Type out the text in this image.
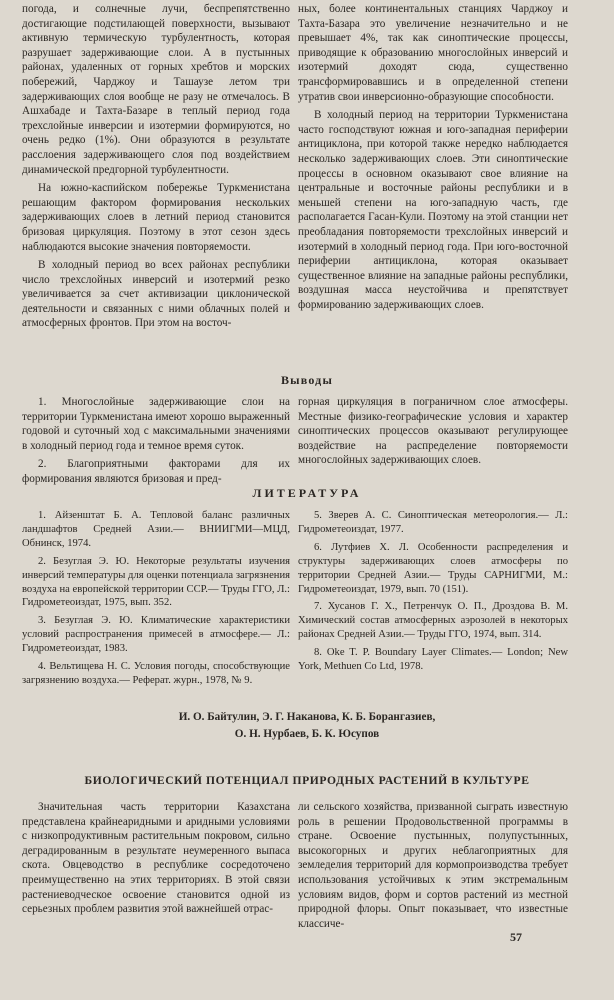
погода, и солнечные лучи, беспрепятственно достигающие подстилающей поверхности, вызывают активную термическую турбулентность, которая разрушает задерживающие слои. А в пустынных районах, удаленных от горных хребтов и морских побережий, Чарджоу и Ташаузе летом три задерживающих слоя вообще не разу не отмечалось. В Ашхабаде и Тахта-Базаре в теплый период года трехслойные инверсии и изотермии формируются, но очень редко (1%). Они образуются в результате расслоения задерживающего слоя под воздействием динамической предгорной турбулентности.

На южно-каспийском побережье Туркменистана решающим фактором формирования нескольких задерживающих слоев в летний период становится бризовая циркуляция. Поэтому в этот сезон здесь наблюдаются высокие значения повторяемости.

В холодный период во всех районах республики число трехслойных инверсий и изотермий резко увеличивается за счет активизации циклонической деятельности и связанных с ними облачных полей и атмосферных фронтов. При этом на восточ-

ных, более континентальных станциях Чарджоу и Тахта-Базара это увеличение незначительно и не превышает 4%, так как синоптические процессы, приводящие к образованию многослойных инверсий и изотермий доходят сюда, существенно трансформировавшись и в определенной степени утратив свои инверсионно-образующие способности.

В холодный период на территории Туркменистана часто господствуют южная и юго-западная периферии антициклона, при которой также нередко наблюдается несколько задерживающих слоев. Эти синоптические процессы в основном оказывают свое влияние на центральные и восточные районы республики и в меньшей степени на юго-западную часть, где располагается Гасан-Кули. Поэтому на этой станции нет преобладания повторяемости трехслойных инверсий и изотермий в холодный период года. При юго-восточной периферии антициклона, которая оказывает существенное влияние на западные районы республики, воздушная масса неустойчива и препятствует формированию задерживающих слоев.

Выводы

1. Многослойные задерживающие слои на территории Туркменистана имеют хорошо выраженный годовой и суточный ход с максимальными значениями в холодный период года и темное время суток.

2. Благоприятными факторами для их формирования являются бризовая и пред-

горная циркуляция в пограничном слое атмосферы. Местные физико-географические условия и характер синоптических процессов оказывают регулирующее воздействие на распределение повторяемости многослойных задерживающих слоев.

ЛИТЕРАТУРА

1. Айзенштат Б. А. Тепловой баланс различных ландшафтов Средней Азии.— ВНИИГМИ—МЦД, Обнинск, 1974.

2. Безуглая Э. Ю. Некоторые результаты изучения инверсий температуры для оценки потенциала загрязнения воздуха на европейской территории ССР.— Труды ГГО, Л.: Гидрометеоиздат, 1975, вып. 352.

3. Безуглая Э. Ю. Климатические характеристики условий распространения примесей в атмосфере.— Л.: Гидрометеоиздат, 1983.

4. Вельтищева Н. С. Условия погоды, способствующие загрязнению воздуха.— Реферат. журн., 1978, № 9.

5. Зверев А. С. Синоптическая метеорология.— Л.: Гидрометеоиздат, 1977.

6. Лутфиев Х. Л. Особенности распределения и структуры задерживающих слоев атмосферы по территории Средней Азии.— Труды САРНИГМИ, М.: Гидрометеоиздат, 1979, вып. 70 (151).

7. Хусанов Г. Х., Петренчук О. П., Дроздова В. М. Химический состав атмосферных аэрозолей в некоторых районах Средней Азии.— Труды ГГО, 1974, вып. 314.

8. Oke T. P. Boundary Layer Climates.— London; New York, Methuen Co Ltd, 1978.

И. О. Байтулин, Э. Г. Наканова, К. Б. Борангазиев,
О. Н. Нурбаев, Б. К. Юсупов
БИОЛОГИЧЕСКИЙ ПОТЕНЦИАЛ ПРИРОДНЫХ РАСТЕНИЙ В КУЛЬТУРЕ

Значительная часть территории Казахстана представлена крайнеаридными и аридными условиями с низкопродуктивным растительным покровом, сильно деградированным в результате неумеренного выпаса скота. Овцеводство в республике сосредоточено преимущественно на этих территориях. В этой связи растениеводческое освоение становится одной из серьезных проблем развития этой важнейшей отрас-

ли сельского хозяйства, призванной сыграть известную роль в решении Продовольственной программы в стране. Освоение пустынных, полупустынных, высокогорных и других неблагоприятных для земледелия территорий для кормопроизводства требует использования устойчивых к этим экстремальным условиям видов, форм и сортов растений из местной природной флоры. Опыт показывает, что известные классиче-

57
